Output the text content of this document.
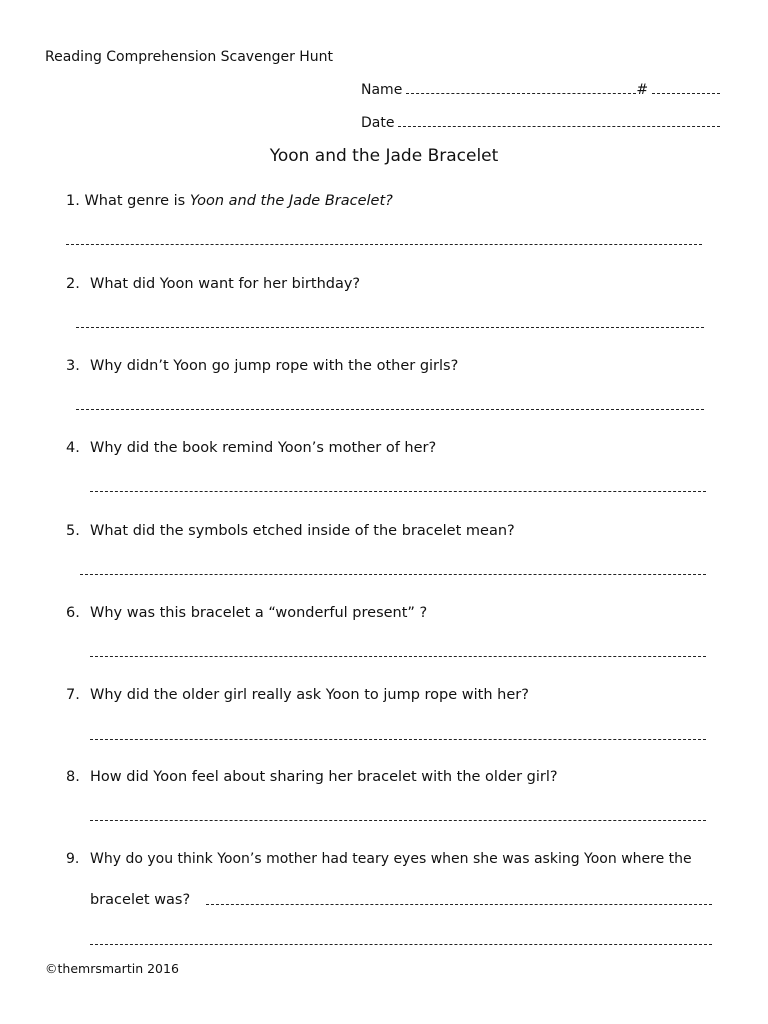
Reading Comprehension Scavenger Hunt
Name	#
Date
Yoon and the Jade Bracelet
1. What genre is Yoon and the Jade Bracelet?
2. What did Yoon want for her birthday?
3. Why didn’t Yoon go jump rope with the other girls?
4. Why did the book remind Yoon’s mother of her?
5. What did the symbols etched inside of the bracelet mean?
6. Why was this bracelet a “wonderful present” ?
7. Why did the older girl really ask Yoon to jump rope with her?
8. How did Yoon feel about sharing her bracelet with the older girl?
9. Why do you think Yoon’s mother had teary eyes when she was asking Yoon where the
bracelet was?
©themrsmartin 2016
